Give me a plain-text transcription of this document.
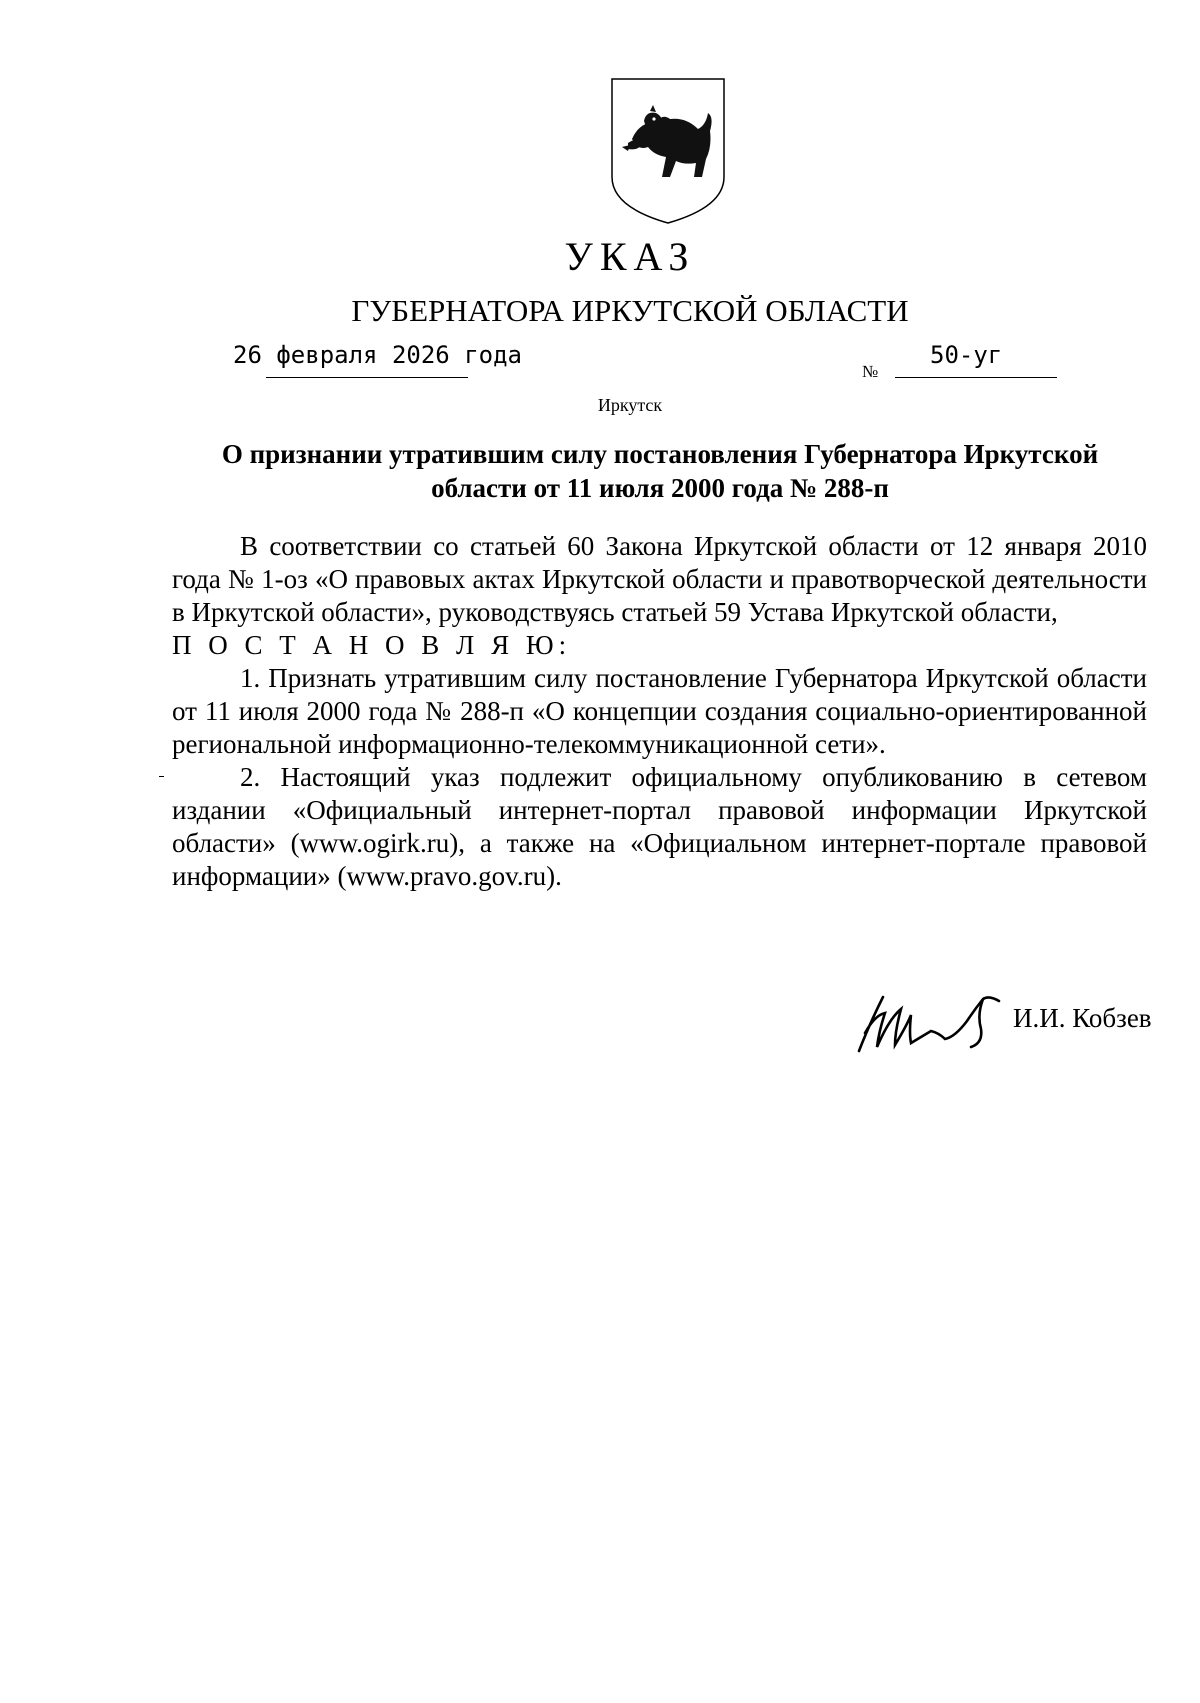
УКАЗ
ГУБЕРНАТОРА ИРКУТСКОЙ ОБЛАСТИ
26 февраля 2026 года
№
50-уг
Иркутск
О признании утратившим силу постановления Губернатора Иркутской области от 11 июля 2000 года № 288-п

В соответствии со статьей 60 Закона Иркутской области от 12 января 2010 года № 1-оз «О правовых актах Иркутской области и правотворческой деятельности в Иркутской области», руководствуясь статьей 59 Устава Иркутской области,

П О С Т А Н О В Л Я Ю:

1. Признать утратившим силу постановление Губернатора Иркутской области от 11 июля 2000 года № 288-п «О концепции создания социально-ориентированной региональной информационно-телекоммуникационной сети».

2. Настоящий указ подлежит официальному опубликованию в сетевом издании «Официальный интернет-портал правовой информации Иркутской области» (www.ogirk.ru), а также на «Официальном интернет-портале правовой информации» (www.pravo.gov.ru).

И.И. Кобзев
